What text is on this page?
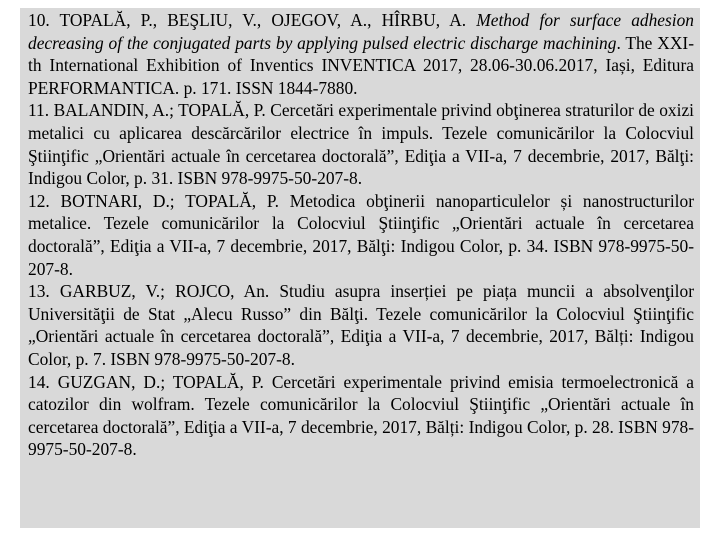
10. TOPALĂ, P., BEŞLIU, V., OJEGOV, A., HÎRBU, A. Method for surface adhesion decreasing of the conjugated parts by applying pulsed electric discharge machining. The XXI-th International Exhibition of Inventics INVENTICA 2017, 28.06-30.06.2017, Iași, Editura PERFORMANTICA. p. 171. ISSN 1844-7880.

11. BALANDIN, A.; TOPALĂ, P. Cercetări experimentale privind obţinerea straturilor de oxizi metalici cu aplicarea descărcărilor electrice în impuls. Tezele comunicărilor la Colocviul Ştiinţific „Orientări actuale în cercetarea doctorală”, Ediţia a VII-a, 7 decembrie, 2017, Bălţi: Indigou Color, p. 31. ISBN 978-9975-50-207-8.

12. BOTNARI, D.; TOPALĂ, P. Metodica obţinerii nanoparticulelor și nanostructurilor metalice. Tezele comunicărilor la Colocviul Ştiinţific „Orientări actuale în cercetarea doctorală”, Ediţia a VII-a, 7 decembrie, 2017, Bălţi: Indigou Color, p. 34. ISBN 978-9975-50-207-8.

13. GARBUZ, V.; ROJCO, An. Studiu asupra inserției pe piața muncii a absolvenţilor Universităţii de Stat „Alecu Russo” din Bălţi. Tezele comunicărilor la Colocviul Ştiinţific „Orientări actuale în cercetarea doctorală”, Ediţia a VII-a, 7 decembrie, 2017, Bălți: Indigou Color, p. 7. ISBN 978-9975-50-207-8.

14. GUZGAN, D.; TOPALĂ, P. Cercetări experimentale privind emisia termoelectronică a catozilor din wolfram. Tezele comunicărilor la Colocviul Ştiinţific „Orientări actuale în cercetarea doctorală”, Ediţia a VII-a, 7 decembrie, 2017, Bălți: Indigou Color, p. 28. ISBN 978-9975-50-207-8.
